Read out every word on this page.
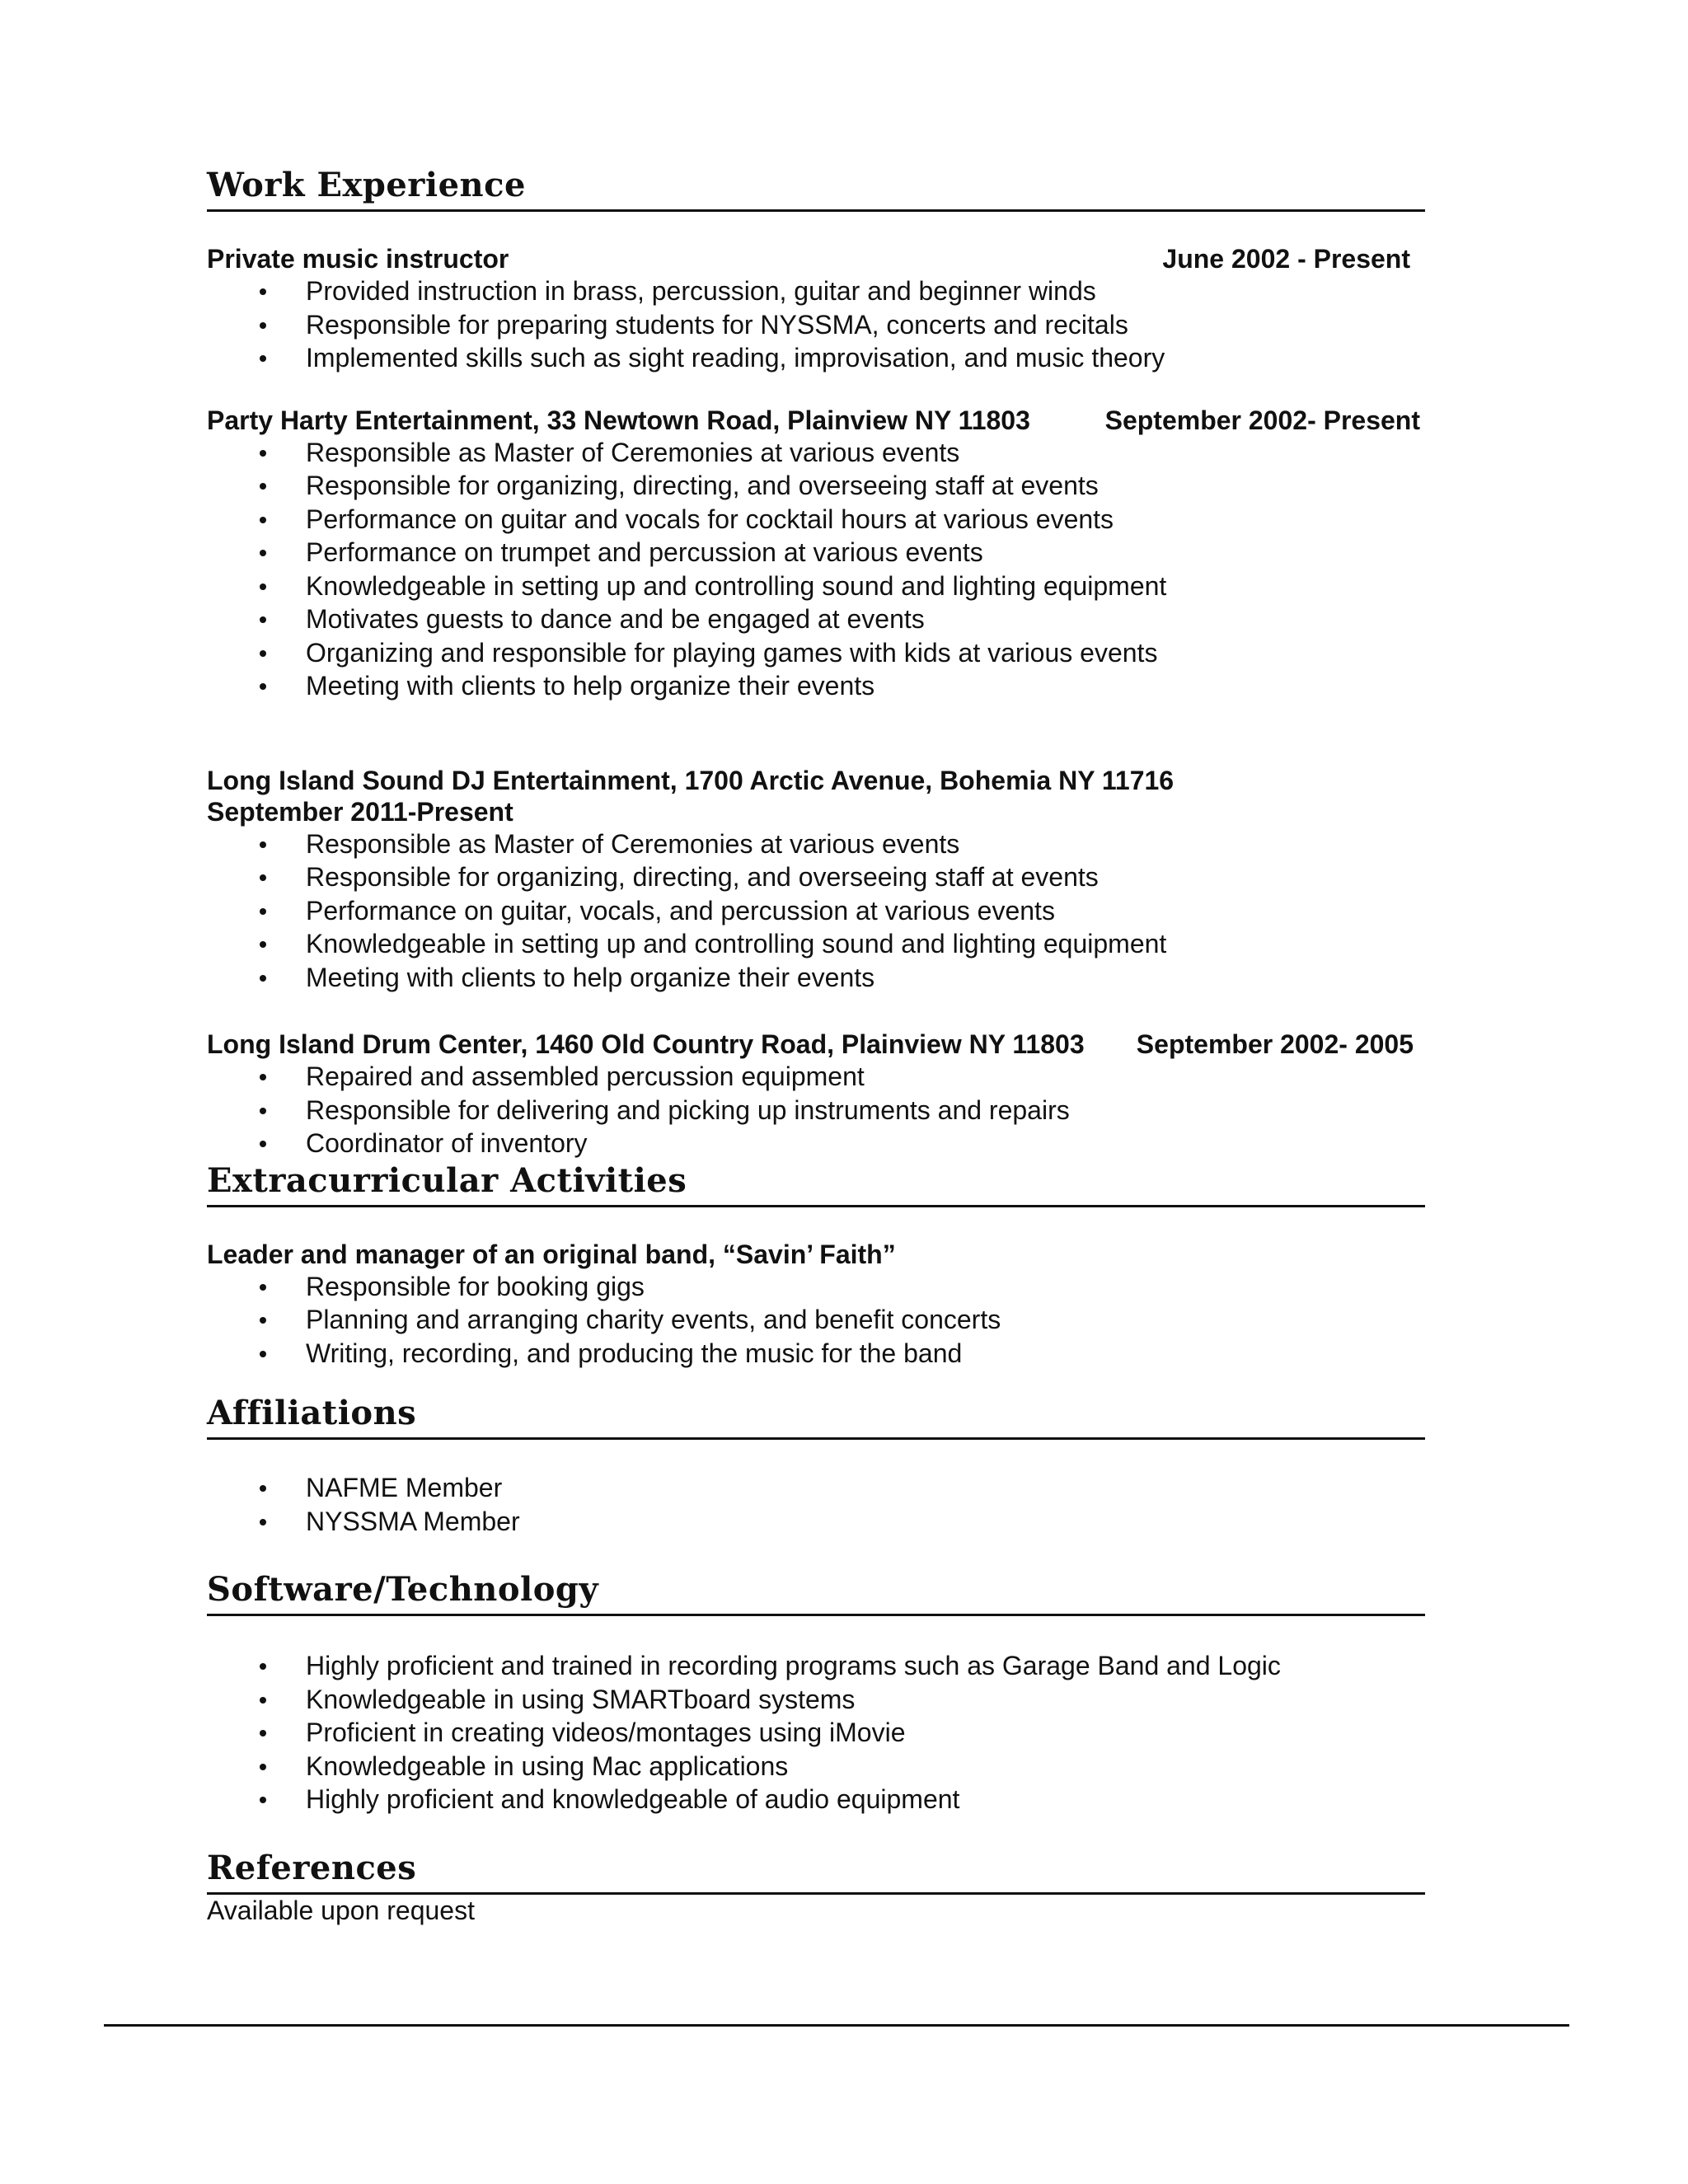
Work Experience
Private music instructor	June 2002 - Present
Provided instruction in brass, percussion, guitar and beginner winds
Responsible for preparing students for NYSSMA, concerts and recitals
Implemented skills such as sight reading, improvisation, and music theory
Party Harty Entertainment, 33 Newtown Road, Plainview NY 11803	September 2002- Present
Responsible as Master of Ceremonies at various events
Responsible for organizing, directing, and overseeing staff at events
Performance on guitar and vocals for cocktail hours at various events
Performance on trumpet and percussion at various events
Knowledgeable in setting up and controlling sound and lighting equipment
Motivates guests to dance and be engaged at events
Organizing and responsible for playing games with kids at various events
Meeting with clients to help organize their events

Long Island Sound DJ Entertainment, 1700 Arctic Avenue, Bohemia NY 11716

September 2011-Present

Responsible as Master of Ceremonies at various events
Responsible for organizing, directing, and overseeing staff at events
Performance on guitar, vocals, and percussion at various events
Knowledgeable in setting up and controlling sound and lighting equipment
Meeting with clients to help organize their events
Long Island Drum Center, 1460 Old Country Road, Plainview NY 11803 September 2002- 2005
Repaired and assembled percussion equipment
Responsible for delivering and picking up instruments and repairs
Coordinator of inventory
Extracurricular Activities

Leader and manager of an original band, “Savin’ Faith”

Responsible for booking gigs
Planning and arranging charity events, and benefit concerts
Writing, recording, and producing the music for the band
Affiliations
NAFME Member
NYSSMA Member
Software/Technology
Highly proficient and trained in recording programs such as Garage Band and Logic
Knowledgeable in using SMARTboard systems
Proficient in creating videos/montages using iMovie
Knowledgeable in using Mac applications
Highly proficient and knowledgeable of audio equipment
References

Available upon request
